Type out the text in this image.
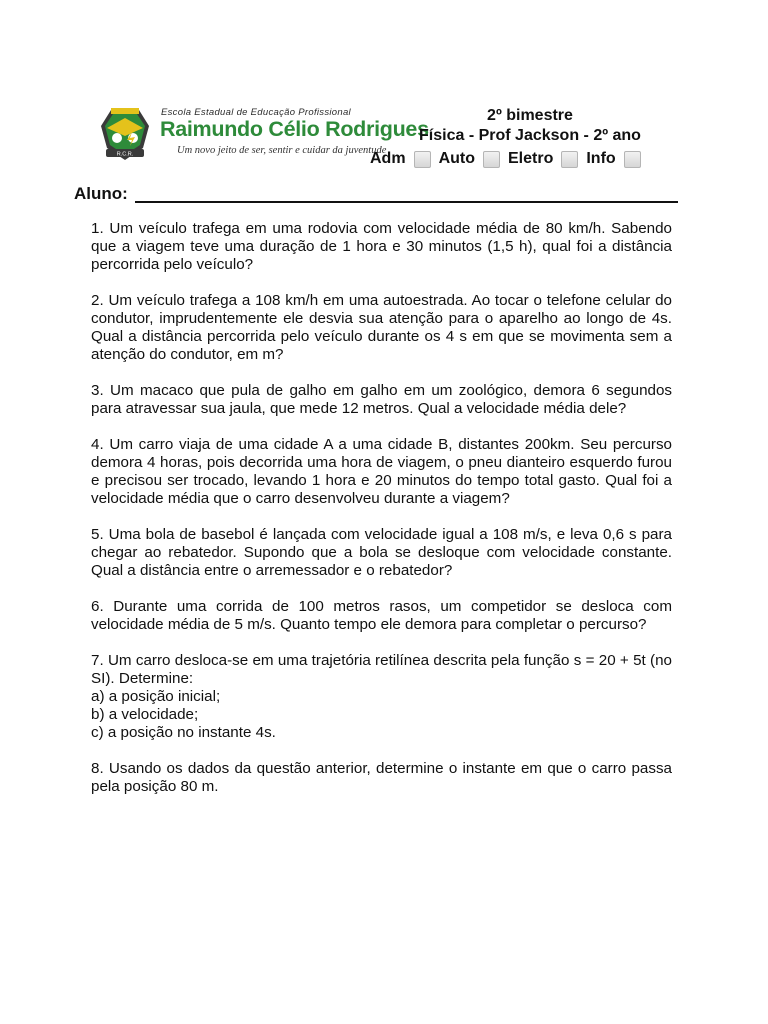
R.C.R.
Escola Estadual de Educação Profissional
Raimundo Célio Rodrigues
Um novo jeito de ser, sentir e cuidar da juventude
2º bimestre
Física - Prof Jackson - 2º ano
Adm Auto Eletro Info
Aluno:

1. Um veículo trafega em uma rodovia com velocidade média de 80 km/h. Sabendo que a viagem teve uma duração de 1 hora e 30 minutos (1,5 h), qual foi a distância percorrida pelo veículo?

2. Um veículo trafega a 108 km/h em uma autoestrada. Ao tocar o telefone celular do condutor, imprudentemente ele desvia sua atenção para o aparelho ao longo de 4s. Qual a distância percorrida pelo veículo durante os 4 s em que se movimenta sem a atenção do condutor, em m?

3. Um macaco que pula de galho em galho em um zoológico, demora 6 segundos para atravessar sua jaula, que mede 12 metros. Qual a velocidade média dele?

4. Um carro viaja de uma cidade A a uma cidade B, distantes 200km. Seu percurso demora 4 horas, pois decorrida uma hora de viagem, o pneu dianteiro esquerdo furou e precisou ser trocado, levando 1 hora e 20 minutos do tempo total gasto. Qual foi a velocidade média que o carro desenvolveu durante a viagem?

5. Uma bola de basebol é lançada com velocidade igual a 108 m/s, e leva 0,6 s para chegar ao rebatedor. Supondo que a bola se desloque com velocidade constante. Qual a distância entre o arremessador e o rebatedor?

6. Durante uma corrida de 100 metros rasos, um competidor se desloca com velocidade média de 5 m/s. Quanto tempo ele demora para completar o percurso?

7. Um carro desloca-se em uma trajetória retilínea descrita pela função s = 20 + 5t (no SI). Determine:

a) a posição inicial;

b) a velocidade;

c) a posição no instante 4s.

8. Usando os dados da questão anterior, determine o instante em que o carro passa pela posição 80 m.
